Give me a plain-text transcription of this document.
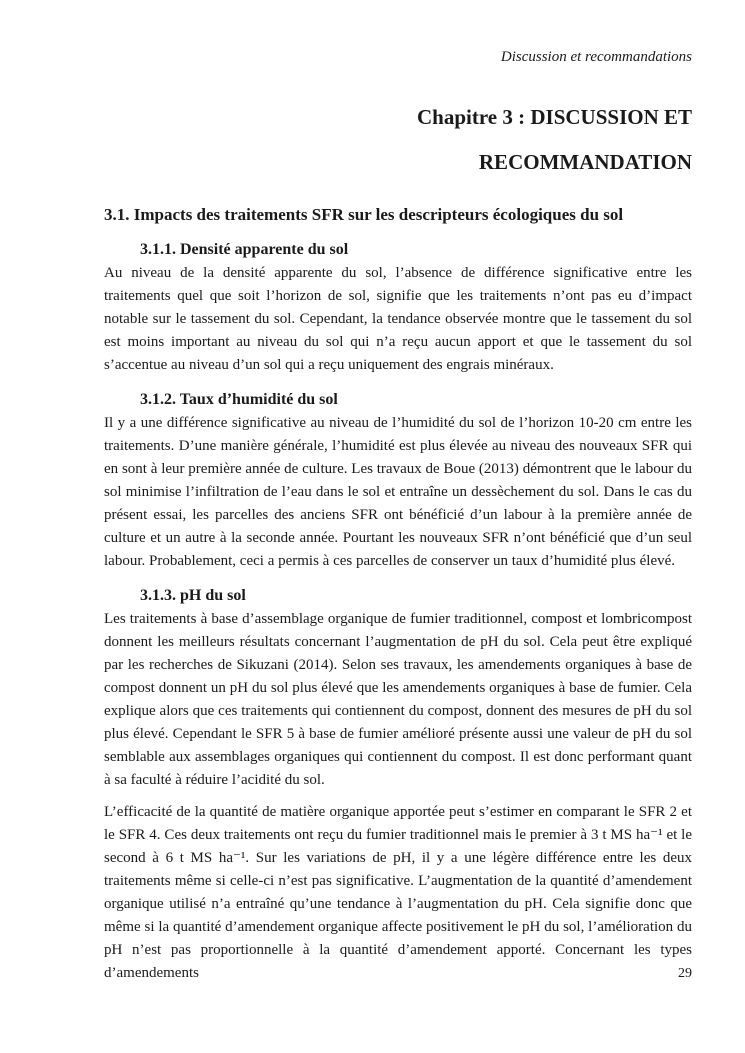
Discussion et recommandations
Chapitre 3 : DISCUSSION ET
RECOMMANDATION
3.1. Impacts des traitements SFR sur les descripteurs écologiques du sol
3.1.1. Densité apparente du sol

Au niveau de la densité apparente du sol, l’absence de différence significative entre les traitements quel que soit l’horizon de sol, signifie que les traitements n’ont pas eu d’impact notable sur le tassement du sol. Cependant, la tendance observée montre que le tassement du sol est moins important au niveau du sol qui n’a reçu aucun apport et que le tassement du sol s’accentue au niveau d’un sol qui a reçu uniquement des engrais minéraux.

3.1.2. Taux d’humidité du sol

Il y a une différence significative au niveau de l’humidité du sol de l’horizon 10-20 cm entre les traitements. D’une manière générale, l’humidité est plus élevée au niveau des nouveaux SFR qui en sont à leur première année de culture. Les travaux de Boue (2013) démontrent que le labour du sol minimise l’infiltration de l’eau dans le sol et entraîne un dessèchement du sol. Dans le cas du présent essai, les parcelles des anciens SFR ont bénéficié d’un labour à la première année de culture et un autre à la seconde année. Pourtant les nouveaux SFR n’ont bénéficié que d’un seul labour. Probablement, ceci a permis à ces parcelles de conserver un taux d’humidité plus élevé.

3.1.3. pH du sol

Les traitements à base d’assemblage organique de fumier traditionnel, compost et lombricompost donnent les meilleurs résultats concernant l’augmentation de pH du sol. Cela peut être expliqué par les recherches de Sikuzani (2014). Selon ses travaux, les amendements organiques à base de compost donnent un pH du sol plus élevé que les amendements organiques à base de fumier. Cela explique alors que ces traitements qui contiennent du compost, donnent des mesures de pH du sol plus élevé. Cependant le SFR 5 à base de fumier amélioré présente aussi une valeur de pH du sol semblable aux assemblages organiques qui contiennent du compost. Il est donc performant quant à sa faculté à réduire l’acidité du sol.

L’efficacité de la quantité de matière organique apportée peut s’estimer en comparant le SFR 2 et le SFR 4. Ces deux traitements ont reçu du fumier traditionnel mais le premier à 3 t MS ha⁻¹ et le second à 6 t MS ha⁻¹. Sur les variations de pH, il y a une légère différence entre les deux traitements même si celle-ci n’est pas significative. L’augmentation de la quantité d’amendement organique utilisé n’a entraîné qu’une tendance à l’augmentation du pH. Cela signifie donc que même si la quantité d’amendement organique affecte positivement le pH du sol, l’amélioration du pH n’est pas proportionnelle à la quantité d’amendement apporté. Concernant les types d’amendements	29
